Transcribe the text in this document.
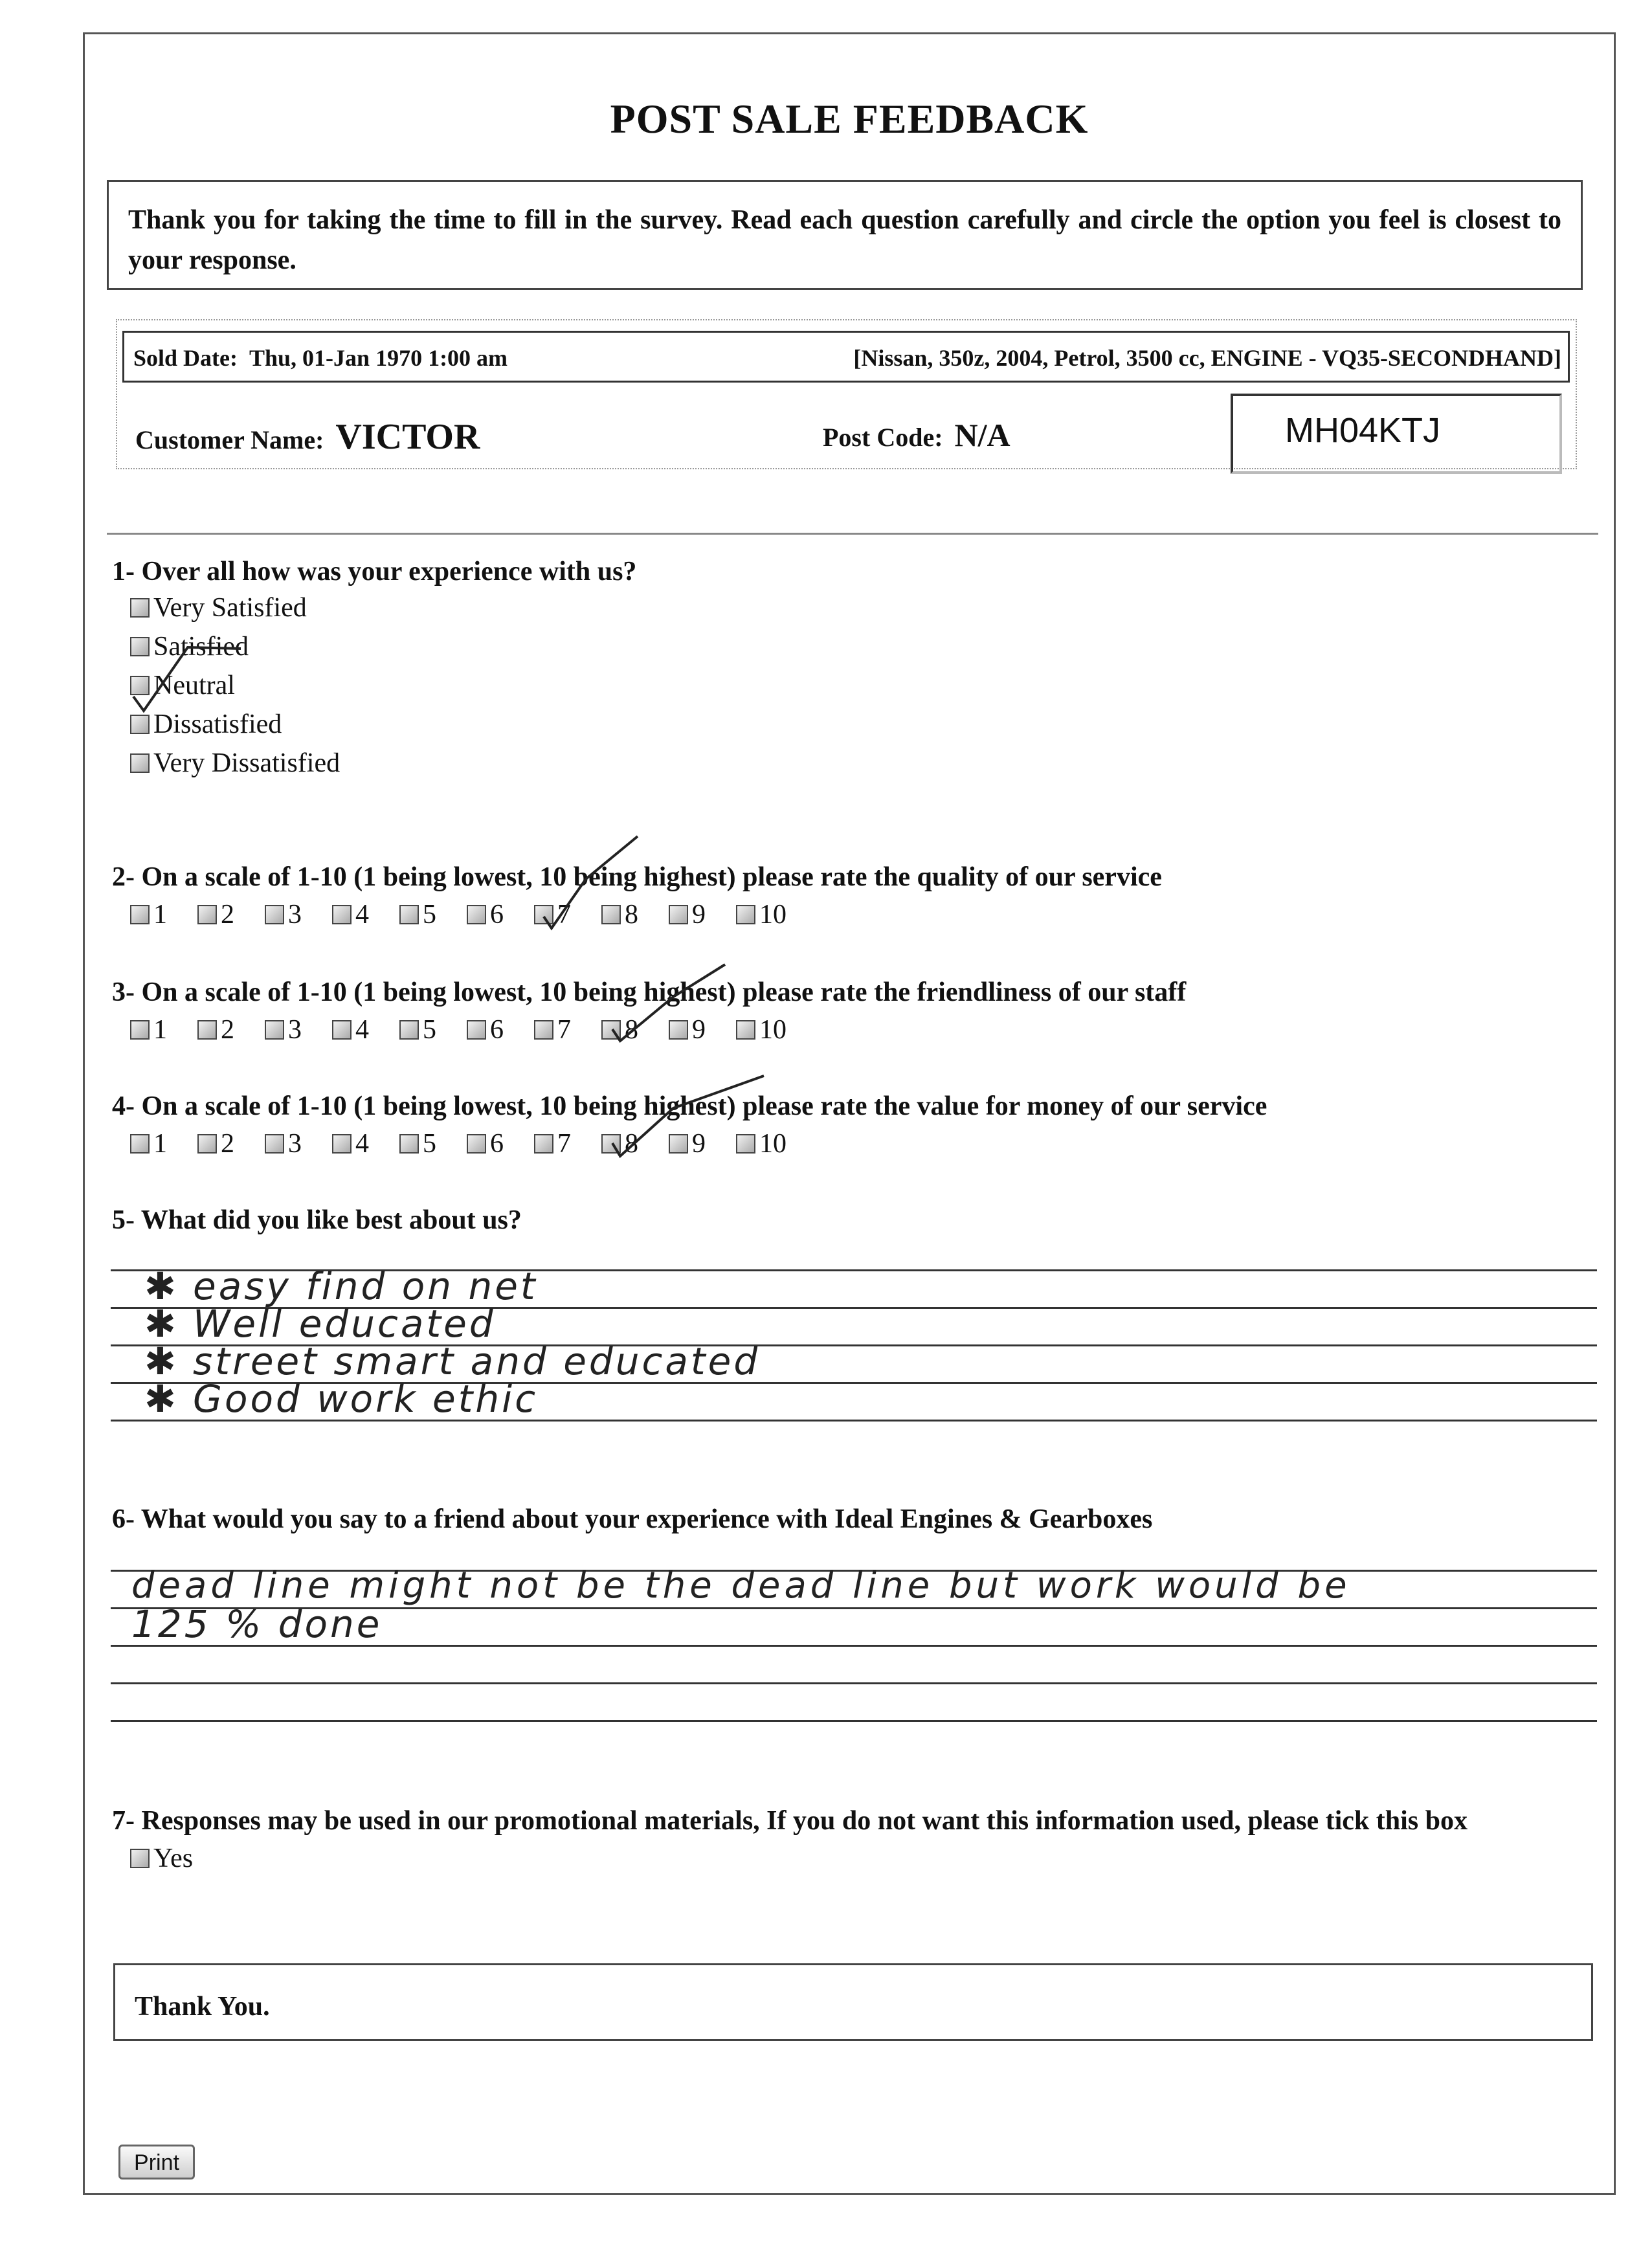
POST SALE FEEDBACK
Thank you for taking the time to fill in the survey. Read each question carefully and circle the option you feel is closest to your response.
Sold Date: Thu, 01-Jan 1970 1:00 am	[Nissan, 350z, 2004, Petrol, 3500 cc, ENGINE - VQ35-SECONDHAND]
Customer Name: VICTOR	Post Code: N/A	MH04KTJ
1- Over all how was your experience with us?
Very Satisfied
Satisfied
Neutral
Dissatisfied
Very Dissatisfied
2- On a scale of 1-10 (1 being lowest, 10 being highest) please rate the quality of our service
1 2 3 4 5 6 7 8 9 10
3- On a scale of 1-10 (1 being lowest, 10 being highest) please rate the friendliness of our staff
1 2 3 4 5 6 7 8 9 10
4- On a scale of 1-10 (1 being lowest, 10 being highest) please rate the value for money of our service
1 2 3 4 5 6 7 8 9 10
5- What did you like best about us?
✱ easy find on net
✱ Well educated
✱ street smart and educated
✱ Good work ethic
6- What would you say to a friend about your experience with Ideal Engines & Gearboxes
dead line might not be the dead line but work would be
125 % done
7- Responses may be used in our promotional materials, If you do not want this information used, please tick this box
Yes
Thank You.
Print
